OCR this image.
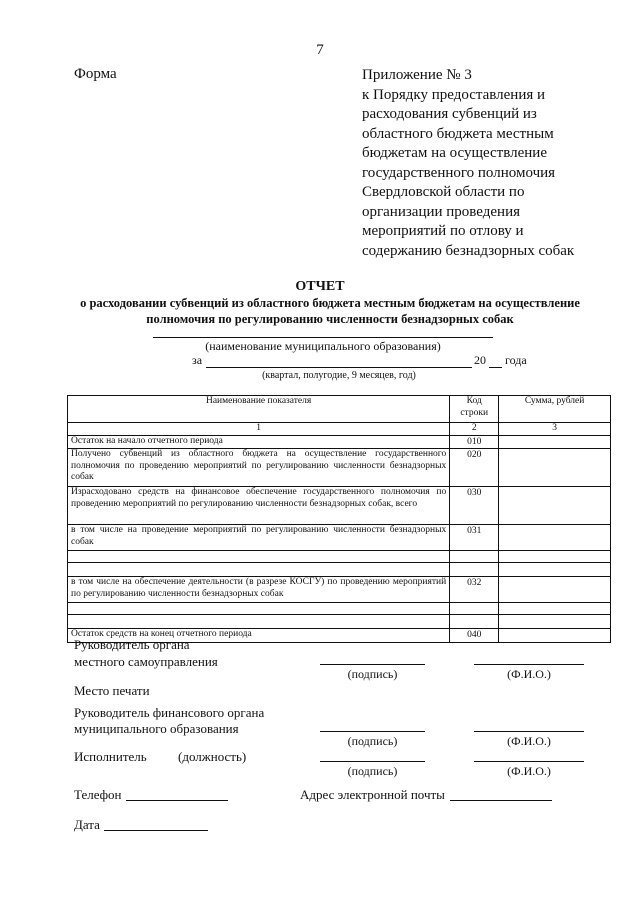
7
Форма	Приложение № 3
к Порядку предоставления и
расходования субвенций из
областного бюджета местным
бюджетам на осуществление
государственного полномочия
Свердловской области по
организации проведения
мероприятий по отлову и
содержанию безнадзорных собак
ОТЧЕТ
о расходовании субвенций из областного бюджета местным бюджетам на осуществление
полномочия по регулированию численности безнадзорных собак
(наименование муниципального образования)
за	20 года
(квартал, полугодие, 9 месяцев, год)
Наименование показателя	Код строки	Сумма, рублей
1	2	3
Остаток на начало отчетного периода	010	
Получено субвенций из областного бюджета на осуществление государственного полномочия по проведению мероприятий по регулированию численности безнадзорных собак	020	
Израсходовано средств на финансовое обеспечение государственного полномочия по проведению мероприятий по регулированию численности безнадзорных собак, всего	030	
в том числе на проведение мероприятий по регулированию численности безнадзорных собак	031	

в том числе на обеспечение деятельности (в разрезе КОСГУ) по проведению мероприятий по регулированию численности безнадзорных собак	032	

Остаток средств на конец отчетного периода	040	
Руководитель органа
местного самоуправления
(подпись)	(Ф.И.О.)
Место печати
Руководитель финансового органа
муниципального образования
(подпись)	(Ф.И.О.)
Исполнитель (должность)
(подпись)	(Ф.И.О.)
Телефон	Адрес электронной почты
Дата
